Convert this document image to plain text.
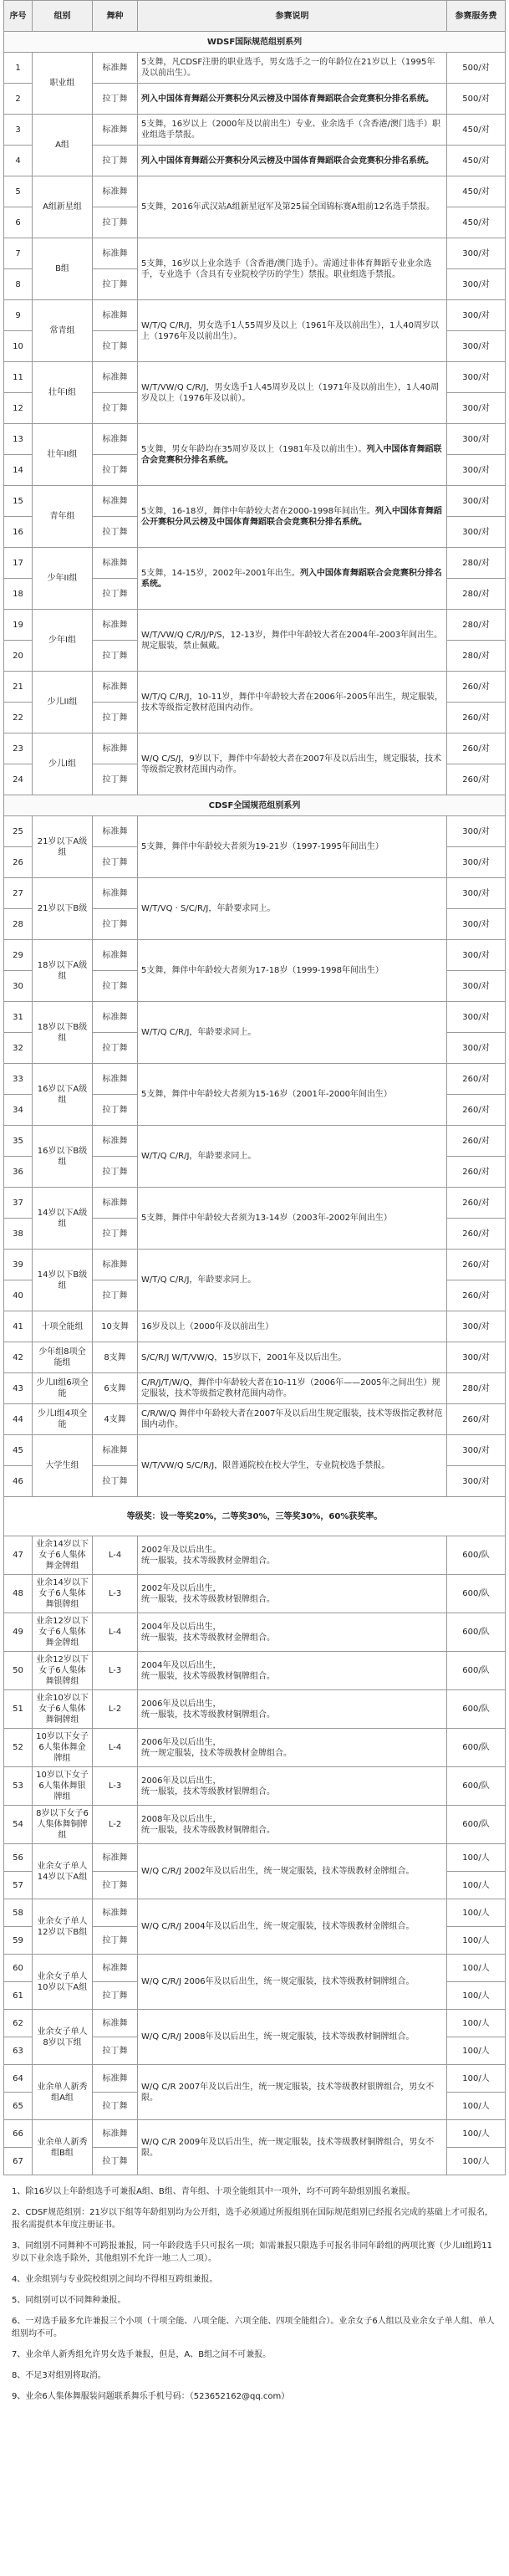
序号	组别	舞种	参赛说明	参赛服务费
WDSF国际规范组别系列				
1	职业组	标准舞	5支舞，凡CDSF注册的职业选手，男女选手之一的年龄位在21岁以上（1995年及以前出生）。	500/对
2		拉丁舞	列入中国体育舞蹈公开赛积分风云榜及中国体育舞蹈联合会竞赛积分排名系统。	500/对
3	A组	标准舞	5支舞，16岁以上（2000年及以前出生）专业、业余选手（含香港/澳门选手）职业组选手禁报。	450/对
4		拉丁舞	列入中国体育舞蹈公开赛积分风云榜及中国体育舞蹈联合会竞赛积分排名系统。	450/对
5	A组新星组	标准舞	5支舞，2016年武汉站A组新星冠军及第25届全国锦标赛A组前12名选手禁报。	450/对
6		拉丁舞		450/对
7	B组	标准舞	5支舞，16岁以上业余选手（含香港/澳门选手）。需通过非体育舞蹈专业业余选手，专业选手（含具有专业院校学历的学生）禁报。职业组选手禁报。	300/对
8		拉丁舞		300/对
9	常青组	标准舞	W/T/Q C/R/J，男女选手1人55周岁及以上（1961年及以前出生），1人40周岁以上（1976年及以前出生）。	300/对
10		拉丁舞		300/对
11	壮年I组	标准舞	W/T/VW/Q C/R/J，男女选手1人45周岁及以上（1971年及以前出生），1人40周岁及以上（1976年及以前）。	300/对
12		拉丁舞		300/对
13	壮年II组	标准舞	5支舞，男女年龄均在35周岁及以上（1981年及以前出生）。列入中国体育舞蹈联合会竞赛积分排名系统。	300/对
14		拉丁舞		300/对
15	青年组	标准舞	5支舞，16-18岁，舞伴中年龄较大者在2000-1998年间出生。列入中国体育舞蹈公开赛积分风云榜及中国体育舞蹈联合会竞赛积分排名系统。	300/对
16		拉丁舞		300/对
17	少年II组	标准舞	5支舞，14-15岁，2002年-2001年出生。列入中国体育舞蹈联合会竞赛积分排名系统。	280/对
18		拉丁舞		280/对
19	少年I组	标准舞	W/T/VW/Q C/R/J/P/S，12-13岁，舞伴中年龄较大者在2004年-2003年间出生。规定服装，禁止佩戴。	280/对
20		拉丁舞		280/对
21	少儿II组	标准舞	W/T/Q C/R/J，10-11岁，舞伴中年龄较大者在2006年-2005年出生，规定服装，技术等级指定教材范围内动作。	260/对
22		拉丁舞		260/对
23	少儿I组	标准舞	W/Q C/S/J，9岁以下，舞伴中年龄较大者在2007年及以后出生，规定服装，技术等级指定教材范围内动作。	260/对
24		拉丁舞		260/对
CDSF全国规范组别系列				
25	21岁以下A级组	标准舞	5支舞，舞伴中年龄较大者须为19-21岁（1997-1995年间出生）	300/对
26		拉丁舞		300/对
27	21岁以下B级	标准舞	W/T/VQ · S/C/R/J，年龄要求同上。	300/对
28		拉丁舞		300/对
29	18岁以下A级组	标准舞	5支舞，舞伴中年龄较大者须为17-18岁（1999-1998年间出生）	300/对
30		拉丁舞		300/对
31	18岁以下B级组	标准舞	W/T/Q C/R/J，年龄要求同上。	300/对
32		拉丁舞		300/对
33	16岁以下A级组	标准舞	5支舞，舞伴中年龄较大者须为15-16岁（2001年-2000年间出生）	260/对
34		拉丁舞		260/对
35	16岁以下B级组	标准舞	W/T/Q C/R/J，年龄要求同上。	260/对
36		拉丁舞		260/对
37	14岁以下A级组	标准舞	5支舞，舞伴中年龄较大者须为13-14岁（2003年-2002年间出生）	260/对
38		拉丁舞		260/对
39	14岁以下B级组	标准舞	W/T/Q C/R/J，年龄要求同上。	260/对
40		拉丁舞		260/对
41	十项全能组	10支舞	16岁及以上（2000年及以前出生）	300/对
42	少年组8项全能组	8支舞	S/C/R/J W/T/VW/Q，15岁以下，2001年及以后出生。	300/对
43	少儿II组6项全能	6支舞	C/R/J/T/W/Q，舞伴中年龄较大者在10-11岁（2006年——2005年之间出生）规定服装，技术等级指定教材范围内动作。	280/对
44	少儿I组4项全能	4支舞	C/R/W/Q 舞伴中年龄较大者在2007年及以后出生规定服装，技术等级指定教材范围内动作。	260/对
45	大学生组	标准舞	W/T/VW/Q S/C/R/J，限普通院校在校大学生，专业院校选手禁报。	300/对
46		拉丁舞		300/对
等级奖：设一等奖20%，二等奖30%，三等奖30%，60%获奖率。				
47	业余14岁以下女子6人集体舞金牌组	L-4	2002年及以后出生。
统一服装，技术等级教材金牌组合。	600/队
48	业余14岁以下女子6人集体舞银牌组	L-3	2002年及以后出生，
统一服装，技术等级教材银牌组合。	600/队
49	业余12岁以下女子6人集体舞金牌组	L-4	2004年及以后出生，
统一服装，技术等级教材金牌组合。	600/队
50	业余12岁以下女子6人集体舞银牌组	L-3	2004年及以后出生，
统一服装，技术等级教材铜牌组合。	600/队
51	业余10岁以下女子6人集体舞铜牌组	L-2	2006年及以后出生，
统一服装，技术等级教材铜牌组合。	600/队
52	10岁以下女子6人集体舞金牌组	L-4	2006年及以后出生，
统一规定服装，技术等级教材金牌组合。	600/队
53	10岁以下女子6人集体舞银牌组	L-3	2006年及以后出生，
统一服装，技术等级教材银牌组合。	600/队
54	8岁以下女子6人集体舞铜牌组	L-2	2008年及以后出生，
统一服装，技术等级教材铜牌组合。	600/队
56	业余女子单人14岁以下A组	标准舞	W/Q C/R/J 2002年及以后出生，统一规定服装，技术等级教材金牌组合。	100/人
57		拉丁舞		100/人
58	业余女子单人12岁以下B组	标准舞	W/Q C/R/J 2004年及以后出生，统一规定服装，技术等级教材金牌组合。	100/人
59		拉丁舞		100/人
60	业余女子单人10岁以下A组	标准舞	W/Q C/R/J 2006年及以后出生，统一规定服装，技术等级教材铜牌组合。	100/人
61		拉丁舞		100/人
62	业余女子单人8岁以下组	标准舞	W/Q C/R/J 2008年及以后出生，统一规定服装，技术等级教材铜牌组合。	100/人
63		拉丁舞		100/人
64	业余单人新秀组A组	标准舞	W/Q C/R 2007年及以后出生，统一规定服装，技术等级教材银牌组合，男女不限。	100/人
65		拉丁舞		100/人
66	业余单人新秀组B组	标准舞	W/Q C/R 2009年及以后出生，统一规定服装，技术等级教材铜牌组合，男女不限。	100/人
67		拉丁舞		100/人

1、除16岁以上年龄组选手可兼报A组、B组、青年组、十项全能组其中一项外，均不可跨年龄组别报名兼报。

2、CDSF规范组别：21岁以下组等年龄组别均为公开组，选手必须通过所报组别在国际规范组别已经报名完成的基础上才可报名，报名需提供本年度注册证书。

3、同组别不同舞种不可跨报兼报，同一年龄段选手只可报名一项；如需兼报只限选手可报名非同年龄组的两项比赛（少儿II组跨11岁以下业余选手除外，其他组别不允许一地二人二项）。

4、业余组别与专业院校组别之间均不得相互跨组兼报。

5、同组别可以不同舞种兼报。

6、一对选手最多允许兼报三个小项（十项全能、八项全能、六项全能、四项全能组合）。业余女子6人组以及业余女子单人组、单人组别均不可。

7、业余单人新秀组允许男女选手兼报，但是，A、B组之间不可兼报。

8、不足3对组别将取消。

9、业余6人集体舞服装问题联系舞乐手机号码：（523652162@qq.com）
